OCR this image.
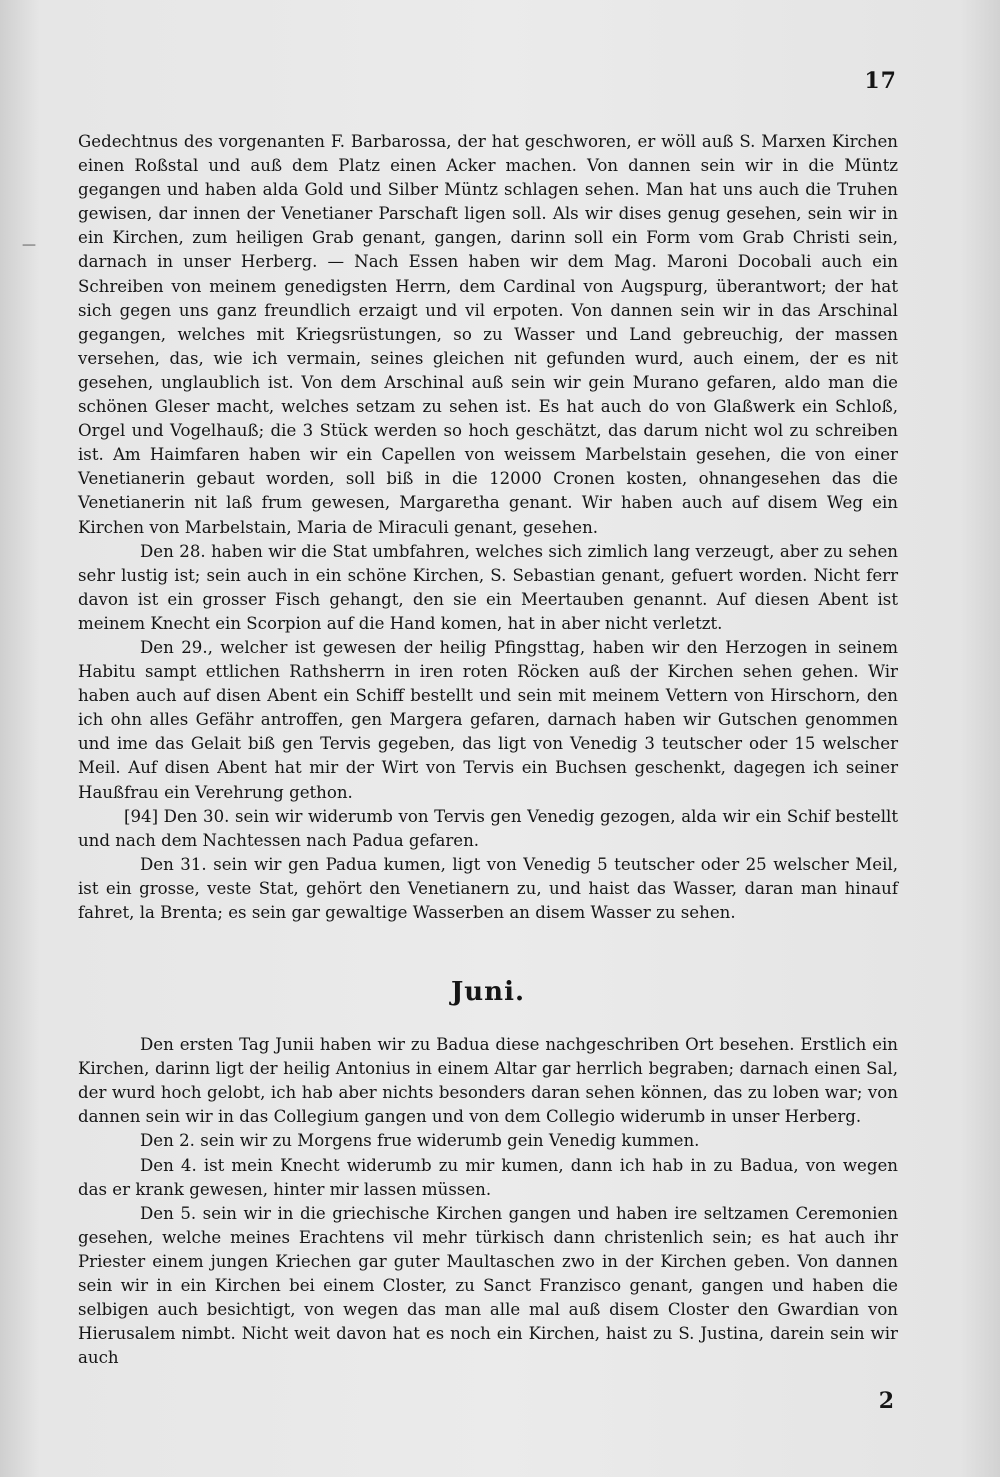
—
17

Gedechtnus des vorgenanten F. Barbarossa, der hat geschworen, er wöll auß S. Marxen Kirchen einen Roßstal und auß dem Platz einen Acker machen. Von dannen sein wir in die Müntz gegangen und haben alda Gold und Silber Müntz schlagen sehen. Man hat uns auch die Truhen gewisen, dar innen der Venetianer Parschaft ligen soll. Als wir dises genug gesehen, sein wir in ein Kirchen, zum heiligen Grab genant, gangen, darinn soll ein Form vom Grab Christi sein, darnach in unser Herberg. — Nach Essen haben wir dem Mag. Maroni Docobali auch ein Schreiben von meinem genedigsten Herrn, dem Cardinal von Augspurg, überantwort; der hat sich gegen uns ganz freundlich erzaigt und vil erpoten. Von dannen sein wir in das Arschinal gegangen, welches mit Kriegsrüstungen, so zu Wasser und Land gebreuchig, der massen versehen, das, wie ich vermain, seines gleichen nit gefunden wurd, auch einem, der es nit gesehen, unglaublich ist. Von dem Arschinal auß sein wir gein Murano gefaren, aldo man die schönen Gleser macht, welches setzam zu sehen ist. Es hat auch do von Glaßwerk ein Schloß, Orgel und Vogelhauß; die 3 Stück werden so hoch geschätzt, das darum nicht wol zu schreiben ist. Am Haimfaren haben wir ein Capellen von weissem Marbelstain gesehen, die von einer Venetianerin gebaut worden, soll biß in die 12000 Cronen kosten, ohnangesehen das die Venetianerin nit laß frum gewesen, Margaretha genant. Wir haben auch auf disem Weg ein Kirchen von Marbelstain, Maria de Miraculi genant, gesehen.

Den 28. haben wir die Stat umbfahren, welches sich zimlich lang verzeugt, aber zu sehen sehr lustig ist; sein auch in ein schöne Kirchen, S. Sebastian genant, gefuert worden. Nicht ferr davon ist ein grosser Fisch gehangt, den sie ein Meertauben genannt. Auf diesen Abent ist meinem Knecht ein Scorpion auf die Hand komen, hat in aber nicht verletzt.

Den 29., welcher ist gewesen der heilig Pfingsttag, haben wir den Herzogen in seinem Habitu sampt ettlichen Rathsherrn in iren roten Röcken auß der Kirchen sehen gehen. Wir haben auch auf disen Abent ein Schiff bestellt und sein mit meinem Vettern von Hirschorn, den ich ohn alles Gefähr antroffen, gen Margera gefaren, darnach haben wir Gutschen genommen und ime das Gelait biß gen Tervis gegeben, das ligt von Venedig 3 teutscher oder 15 welscher Meil. Auf disen Abent hat mir der Wirt von Tervis ein Buchsen geschenkt, dagegen ich seiner Haußfrau ein Verehrung gethon.

[94] Den 30. sein wir widerumb von Tervis gen Venedig gezogen, alda wir ein Schif bestellt und nach dem Nachtessen nach Padua gefaren.

Den 31. sein wir gen Padua kumen, ligt von Venedig 5 teutscher oder 25 welscher Meil, ist ein grosse, veste Stat, gehört den Venetianern zu, und haist das Wasser, daran man hinauf fahret, la Brenta; es sein gar gewaltige Wasserben an disem Wasser zu sehen.

Juni.

Den ersten Tag Junii haben wir zu Badua diese nachgeschriben Ort besehen. Erstlich ein Kirchen, darinn ligt der heilig Antonius in einem Altar gar herrlich begraben; darnach einen Sal, der wurd hoch gelobt, ich hab aber nichts besonders daran sehen können, das zu loben war; von dannen sein wir in das Collegium gangen und von dem Collegio widerumb in unser Herberg.

Den 2. sein wir zu Morgens frue widerumb gein Venedig kummen.

Den 4. ist mein Knecht widerumb zu mir kumen, dann ich hab in zu Badua, von wegen das er krank gewesen, hinter mir lassen müssen.

Den 5. sein wir in die griechische Kirchen gangen und haben ire seltzamen Ceremonien gesehen, welche meines Erachtens vil mehr türkisch dann christenlich sein; es hat auch ihr Priester einem jungen Kriechen gar guter Maultaschen zwo in der Kirchen geben. Von dannen sein wir in ein Kirchen bei einem Closter, zu Sanct Franzisco genant, gangen und haben die selbigen auch besichtigt, von wegen das man alle mal auß disem Closter den Gwardian von Hierusalem nimbt. Nicht weit davon hat es noch ein Kirchen, haist zu S. Justina, darein sein wir auch

2
